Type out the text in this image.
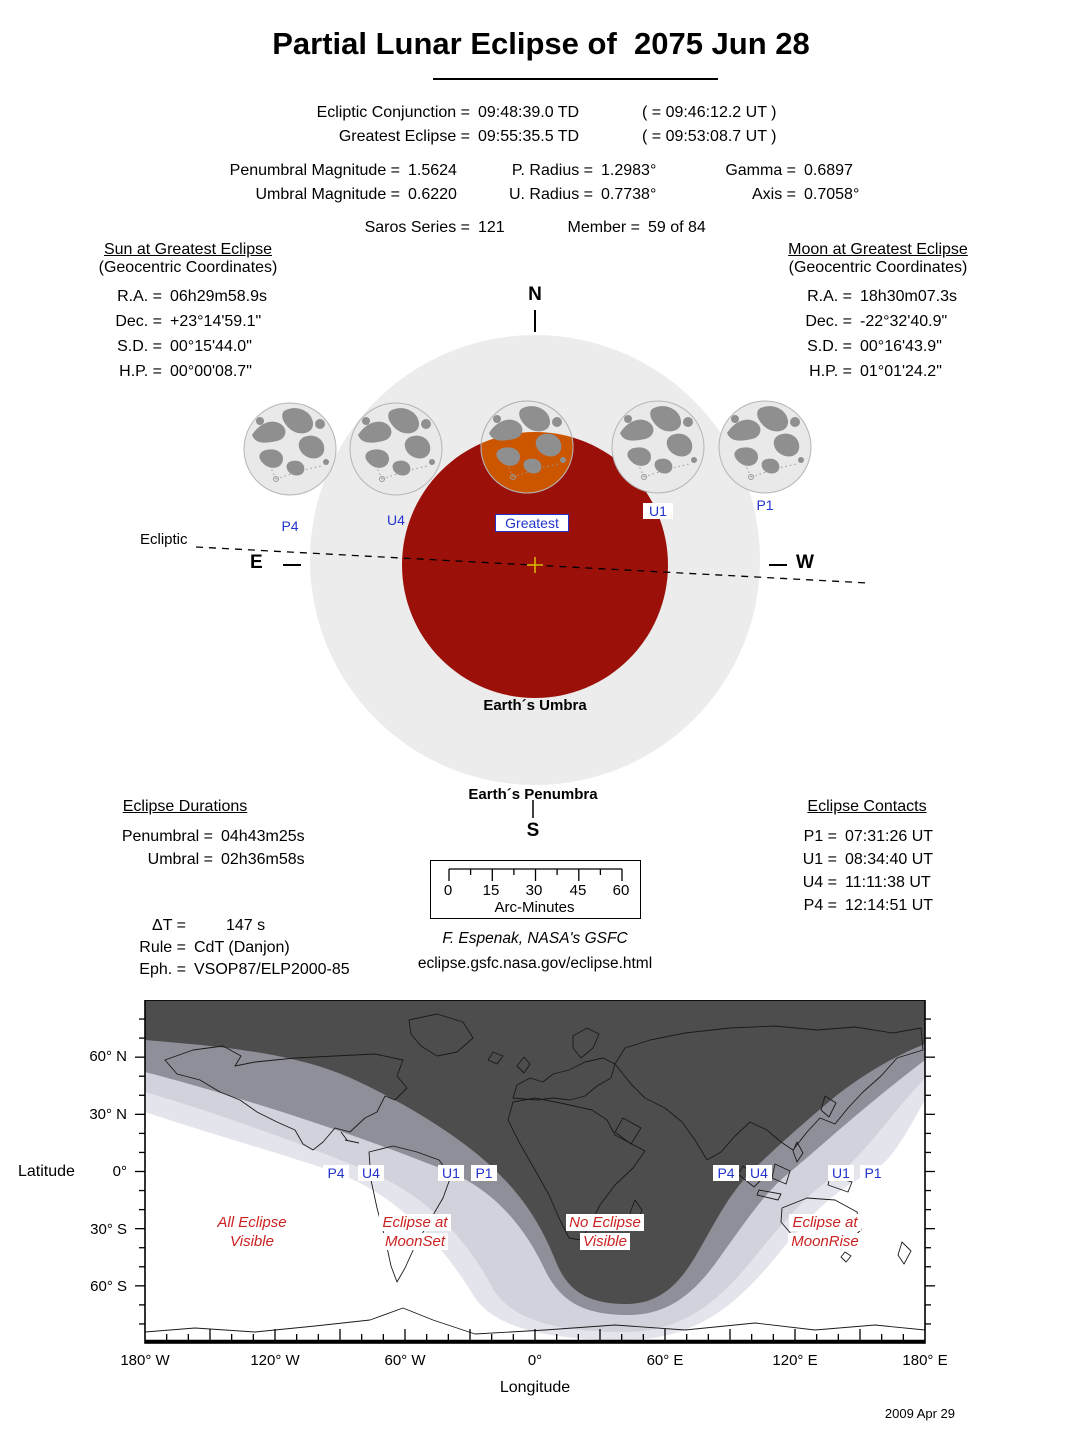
Partial Lunar Eclipse of  2075 Jun 28
Ecliptic Conjunction = 09:48:39.0 TD	( = 09:46:12.2 UT )
Greatest Eclipse = 09:55:35.5 TD	( = 09:53:08.7 UT )
Penumbral Magnitude = 1.5624	P. Radius = 1.2983°	Gamma = 0.6897
Umbral Magnitude = 0.6220	U. Radius = 0.7738°	Axis = 0.7058°
Saros Series = 121	Member = 59 of 84
Sun at Greatest Eclipse
(Geocentric Coordinates)
R.A. = 06h29m58.9s
Dec. = +23°14'59.1"
S.D. = 00°15'44.0"
H.P. = 00°00'08.7"
Moon at Greatest Eclipse
(Geocentric Coordinates)
R.A. = 18h30m07.3s
Dec. = -22°32'40.9"
S.D. = 00°16'43.9"
H.P. = 01°01'24.2"
N
E	W
Ecliptic
P4	U4	Greatest
U1	P1
Earth´s Umbra
Earth´s Penumbra
S
Eclipse Durations
Penumbral = 04h43m25s
Umbral = 02h36m58s
Eclipse Contacts
P1 = 07:31:26 UT
U1 = 08:34:40 UT
U4 = 11:11:38 UT
P4 = 12:14:51 UT
ΔT =	147 s
Rule = CdT (Danjon)
Eph. = VSOP87/ELP2000-85
0	15	30	45	60
Arc-Minutes
F. Espenak, NASA's GSFC
eclipse.gsfc.nasa.gov/eclipse.html
P4	U4	U1	P1	P4	U4	U1	P1
All Eclipse
Visible
Eclipse at
MoonSet
No Eclipse
Visible
Eclipse at
MoonRise
Latitude
60° N
30° N
0°
30° S
60° S
180° W	120° W	60° W	0°	60° E	120° E	180° E
Longitude
2009 Apr 29
